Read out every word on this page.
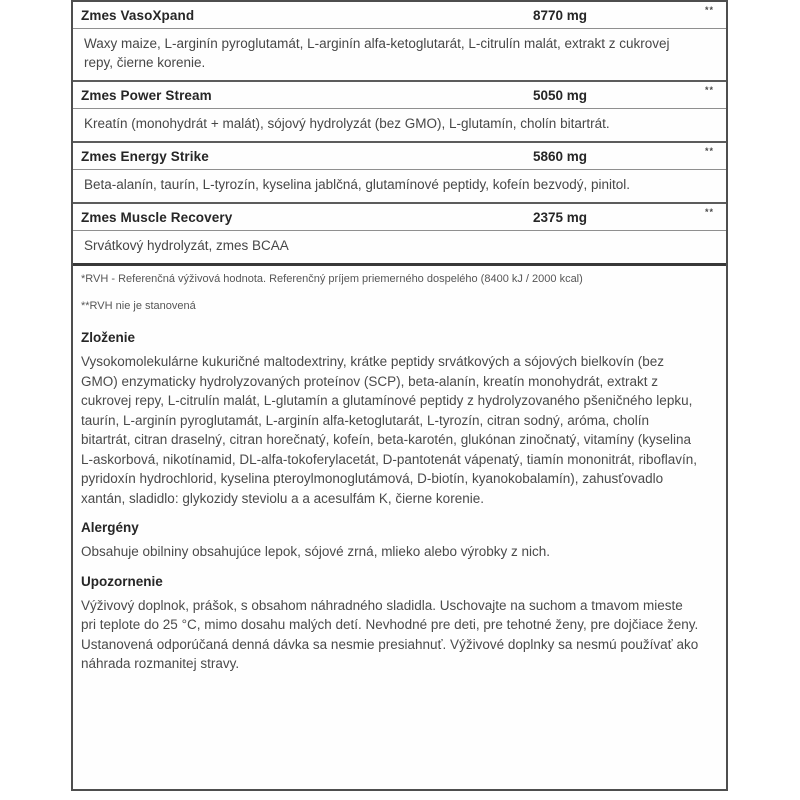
Zmes VasoXpand	8770 mg	**
Waxy maize, L-arginín pyroglutamát, L-arginín alfa-ketoglutarát, L-citrulín malát, extrakt z cukrovej repy, čierne korenie.
Zmes Power Stream	5050 mg	**
Kreatín (monohydrát + malát), sójový hydrolyzát (bez GMO), L-glutamín, cholín bitartrát.
Zmes Energy Strike	5860 mg	**
Beta-alanín, taurín, L-tyrozín, kyselina jablčná, glutamínové peptidy, kofeín bezvodý, pinitol.
Zmes Muscle Recovery	2375 mg	**
Srvátkový hydrolyzát, zmes BCAA
*RVH - Referenčná výživová hodnota. Referenčný príjem priemerného dospelého (8400 kJ / 2000 kcal)
**RVH nie je stanovená
Zloženie
Vysokomolekulárne kukuričné maltodextriny, krátke peptidy srvátkových a sójových bielkovín (bez GMO) enzymaticky hydrolyzovaných proteínov (SCP), beta-alanín, kreatín monohydrát, extrakt z cukrovej repy, L-citrulín malát, L-glutamín a glutamínové peptidy z hydrolyzovaného pšeničného lepku, taurín, L-arginín pyroglutamát, L-arginín alfa-ketoglutarát, L-tyrozín, citran sodný, aróma, cholín bitartrát, citran draselný, citran horečnatý, kofeín, beta-karotén, glukónan zinočnatý, vitamíny (kyselina L-askorbová, nikotínamid, DL-alfa-tokoferylacetát, D-pantotenát vápenatý, tiamín mononitrát, riboflavín, pyridoxín hydrochlorid, kyselina pteroylmonoglutámová, D-biotín, kyanokobalamín), zahusťovadlo xantán, sladidlo: glykozidy steviolu a a acesulfám K, čierne korenie.
Alergény
Obsahuje obilniny obsahujúce lepok, sójové zrná, mlieko alebo výrobky z nich.
Upozornenie
Výživový doplnok, prášok, s obsahom náhradného sladidla. Uschovajte na suchom a tmavom mieste pri teplote do 25 °C, mimo dosahu malých detí. Nevhodné pre deti, pre tehotné ženy, pre dojčiace ženy. Ustanovená odporúčaná denná dávka sa nesmie presiahnuť. Výživové doplnky sa nesmú používať ako náhrada rozmanitej stravy.
